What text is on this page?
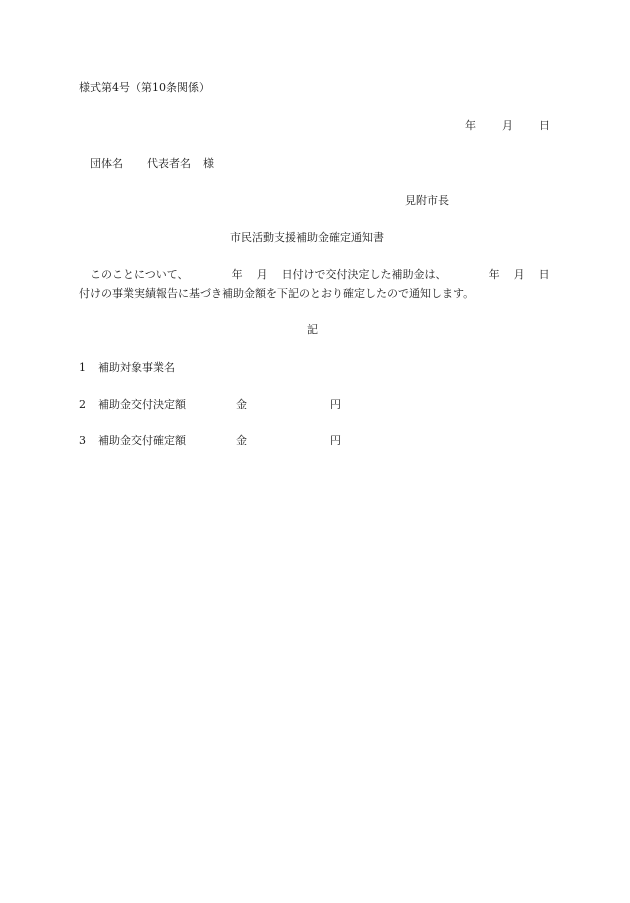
様式第4号（第10条関係）
年 月 日
団体名 代表者名 様
見附市長
市民活動支援補助金確定通知書
このことについて、	年 月 日付けで交付決定した補助金は、	年 月 日
付けの事業実績報告に基づき補助金額を下記のとおり確定したので通知します。
記
1 補助対象事業名
2 補助金交付決定額	金	円
3 補助金交付確定額	金	円
